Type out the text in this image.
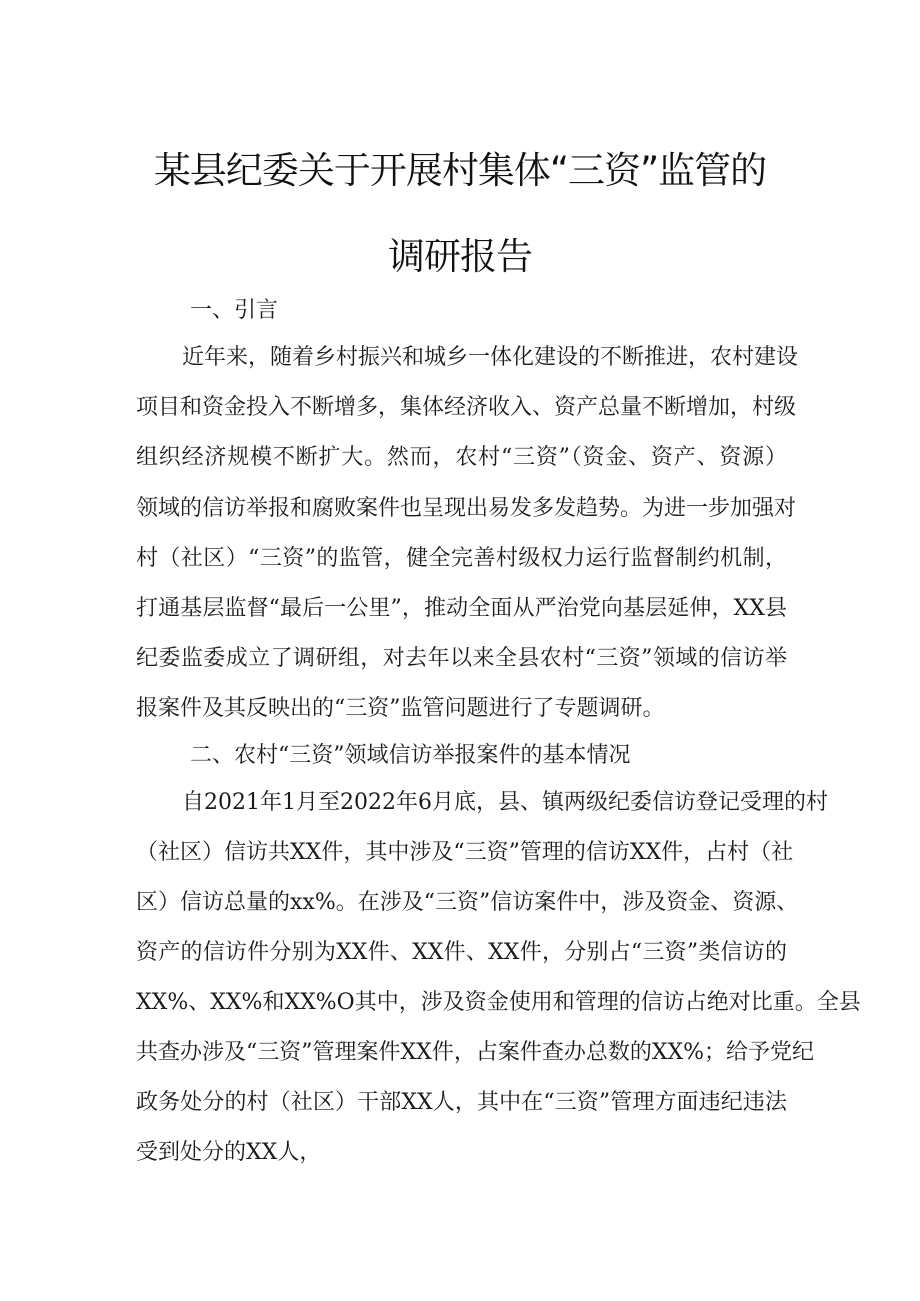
某县纪委关于开展村集体“三资”监管的
调研报告
一、引言
近年来，随着乡村振兴和城乡一体化建设的不断推进，农村建设
项目和资金投入不断增多，集体经济收入、资产总量不断增加，村级
组织经济规模不断扩大。然而，农村“三资”（资金、资产、资源）
领域的信访举报和腐败案件也呈现出易发多发趋势。为进一步加强对
村（社区）“三资”的监管，健全完善村级权力运行监督制约机制，
打通基层监督“最后一公里”，推动全面从严治党向基层延伸，XX县
纪委监委成立了调研组，对去年以来全县农村“三资”领域的信访举
报案件及其反映出的“三资”监管问题进行了专题调研。
二、农村“三资”领域信访举报案件的基本情况
自2021年1月至2022年6月底，县、镇两级纪委信访登记受理的村
（社区）信访共XX件，其中涉及“三资”管理的信访XX件，占村（社
区）信访总量的xx%。在涉及“三资”信访案件中，涉及资金、资源、
资产的信访件分别为XX件、XX件、XX件，分别占“三资”类信访的
XX%、XX%和XX%O其中，涉及资金使用和管理的信访占绝对比重。全县
共查办涉及“三资”管理案件XX件，占案件查办总数的XX%；给予党纪
政务处分的村（社区）干部XX人，其中在“三资”管理方面违纪违法
受到处分的XX人，
